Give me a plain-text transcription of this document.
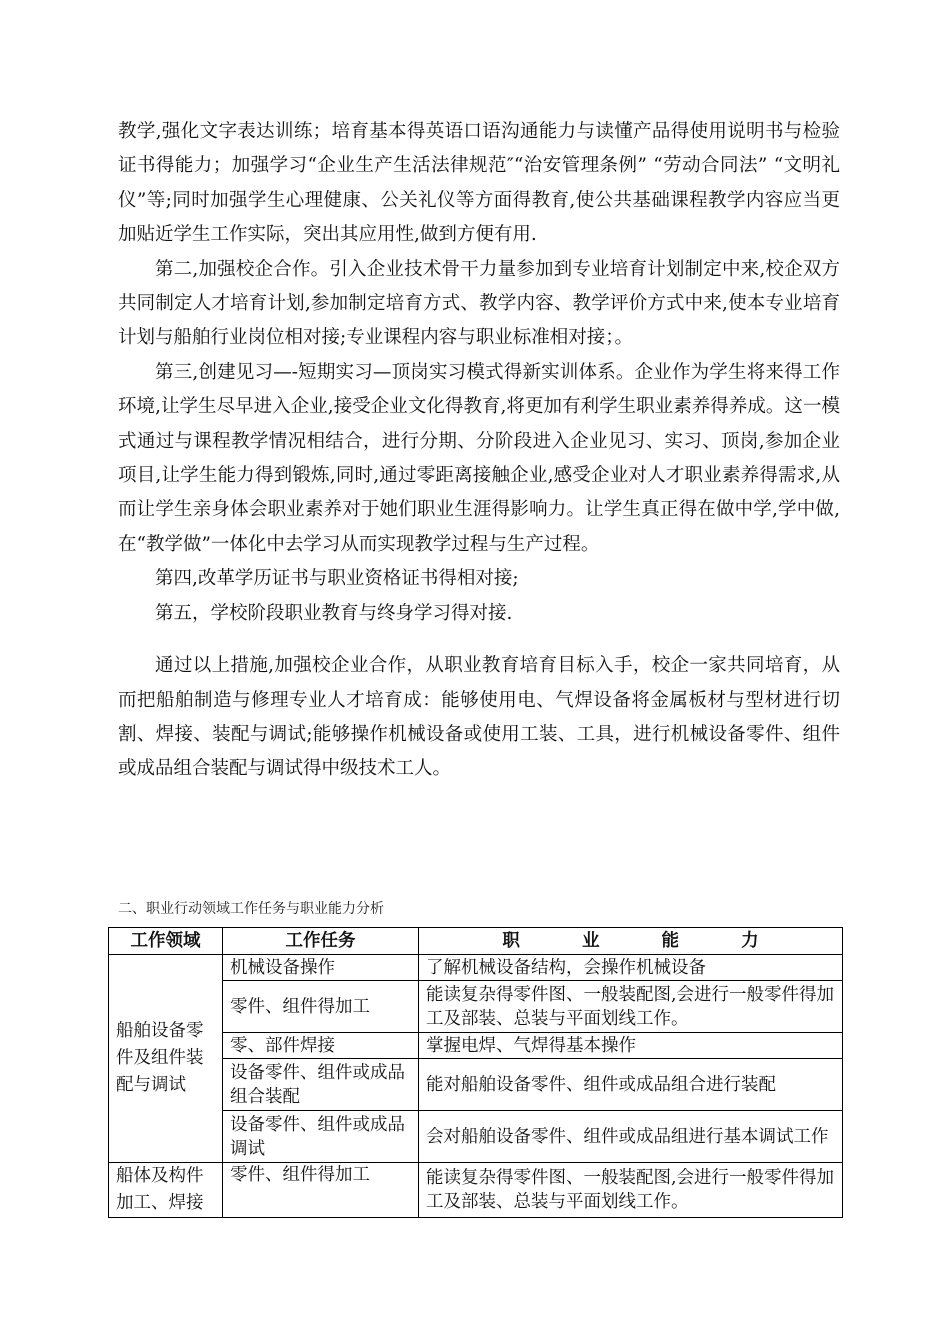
教学,强化文字表达训练；培育基本得英语口语沟通能力与读懂产品得使用说明书与检验证书得能力；加强学习“企业生产生活法律规范″“治安管理条例” “劳动合同法” “文明礼仪”等;同时加强学生心理健康、公关礼仪等方面得教育,使公共基础课程教学内容应当更加贴近学生工作实际，突出其应用性,做到方便有用.

第二,加强校企合作。引入企业技术骨干力量参加到专业培育计划制定中来,校企双方共同制定人才培育计划,参加制定培育方式、教学内容、教学评价方式中来,使本专业培育计划与船舶行业岗位相对接;专业课程内容与职业标准相对接；。

第三,创建见习—-短期实习—顶岗实习模式得新实训体系。企业作为学生将来得工作环境,让学生尽早进入企业,接受企业文化得教育,将更加有利学生职业素养得养成。这一模式通过与课程教学情况相结合，进行分期、分阶段进入企业见习、实习、顶岗,参加企业项目,让学生能力得到锻炼,同时,通过零距离接触企业,感受企业对人才职业素养得需求,从而让学生亲身体会职业素养对于她们职业生涯得影响力。让学生真正得在做中学,学中做,在“教学做”一体化中去学习从而实现教学过程与生产过程。

第四,改革学历证书与职业资格证书得相对接;

第五，学校阶段职业教育与终身学习得对接.

通过以上措施,加强校企业合作，从职业教育培育目标入手，校企一家共同培育，从而把船舶制造与修理专业人才培育成：能够使用电、气焊设备将金属板材与型材进行切割、焊接、装配与调试;能够操作机械设备或使用工装、工具，进行机械设备零件、组件或成品组合装配与调试得中级技术工人。

二、职业行动领域工作任务与职业能力分析
工作领域	工作任务	职 业 能 力
船舶设备零件及组件装配与调试	机械设备操作	了解机械设备结构，会操作机械设备
	零件、组件得加工	能读复杂得零件图、一般装配图,会进行一般零件得加工及部装、总装与平面划线工作。
	零、部件焊接	掌握电焊、气焊得基本操作
	设备零件、组件或成品组合装配	能对船舶设备零件、组件或成品组合进行装配
	设备零件、组件或成品调试	会对船舶设备零件、组件或成品组进行基本调试工作
船体及构件加工、焊接	零件、组件得加工	能读复杂得零件图、一般装配图,会进行一般零件得加工及部装、总装与平面划线工作。
